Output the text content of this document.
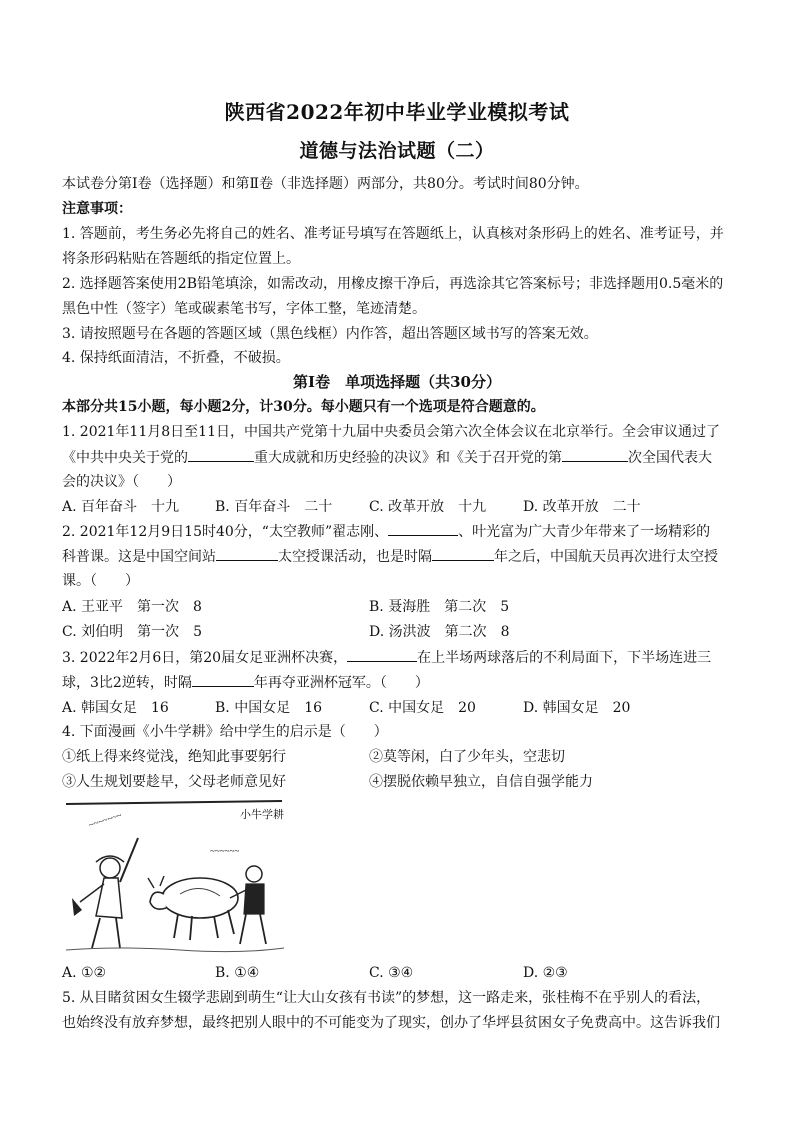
陕西省2022年初中毕业学业模拟考试
道德与法治试题（二）
本试卷分第Ⅰ卷（选择题）和第Ⅱ卷（非选择题）两部分，共80分。考试时间80分钟。
注意事项：
1. 答题前，考生务必先将自己的姓名、准考证号填写在答题纸上，认真核对条形码上的姓名、准考证号，并
将条形码粘贴在答题纸的指定位置上。
2. 选择题答案使用2B铅笔填涂，如需改动，用橡皮擦干净后，再选涂其它答案标号；非选择题用0.5毫米的
黑色中性（签字）笔或碳素笔书写，字体工整，笔迹清楚。
3. 请按照题号在各题的答题区域（黑色线框）内作答，超出答题区域书写的答案无效。
4. 保持纸面清洁，不折叠，不破损。
第Ⅰ卷　单项选择题（共30分）
本部分共15小题，每小题2分，计30分。每小题只有一个选项是符合题意的。
1. 2021年11月8日至11日，中国共产党第十九届中央委员会第六次全体会议在北京举行。全会审议通过了
《中共中央关于党的	重大成就和历史经验的决议》和《关于召开党的第	次全国代表大
会的决议》（　　）
A. 百年奋斗　十九	B. 百年奋斗　二十	C. 改革开放　十九	D. 改革开放　二十
2. 2021年12月9日15时40分，“太空教师”翟志刚、	、叶光富为广大青少年带来了一场精彩的
科普课。这是中国空间站	太空授课活动，也是时隔	年之后，中国航天员再次进行太空授
课。（　　）
A. 王亚平　第一次　8	B. 聂海胜　第二次　5
C. 刘伯明　第一次　5	D. 汤洪波　第二次　8
3. 2022年2月6日，第20届女足亚洲杯决赛，	在上半场两球落后的不利局面下，下半场连进三
球，3比2逆转，时隔	年再夺亚洲杯冠军。（　　）
A. 韩国女足　16	B. 中国女足　16	C. 中国女足　20	D. 韩国女足　20
4. 下面漫画《小牛学耕》给中学生的启示是（　　）
①纸上得来终觉浅，绝知此事要躬行	②莫等闲，白了少年头，空悲切
③人生规划要趁早，父母老师意见好	④摆脱依赖早独立，自信自强学能力
小牛学耕
~~~~~~~
~~~~~~
A. ①②	B. ①④	C. ③④	D. ②③
5. 从目睹贫困女生辍学悲剧到萌生“让大山女孩有书读”的梦想，这一路走来，张桂梅不在乎别人的看法，
也始终没有放弃梦想，最终把别人眼中的不可能变为了现实，创办了华坪县贫困女子免费高中。这告诉我们
